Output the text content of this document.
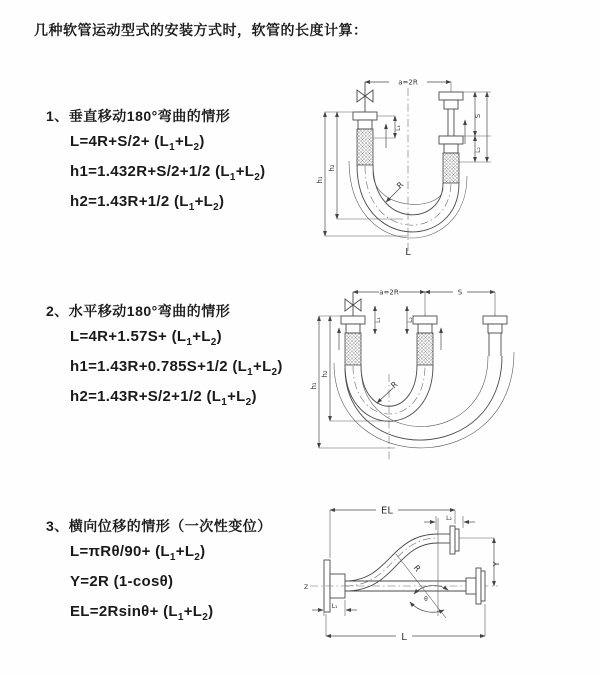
几种软管运动型式的安装方式时，软管的长度计算：
1、垂直移动180°弯曲的情形
$L=4R+S/2+ (L_1+L_2)$
h1=1.432R+S/2+1/2 $(L_1+L_2)$
h2=1.43R+1/2 $(L_1+L_2)$
2、水平移动180°弯曲的情形
$L=4R+1.57S+ (L_1+L_2)$
h1=1.43R+0.785S+1/2 $(L_1+L_2)$
h2=1.43R+S/2+1/2 $(L_1+L_2)$
3、横向位移的情形（一次性变位）
$L=\pi R\theta/90+ (L_1+L_2)$
Y=2R (1-cosθ)
$EL=2Rsin\theta+ (L_1+L_2)$
a=2R
R
h₁
h₂
L₁
S
L₂
L
a=2R	S
L₁	L₂
R
h₁
h₂
EL
L₂
Z
θ
R	Y
L
L₁
